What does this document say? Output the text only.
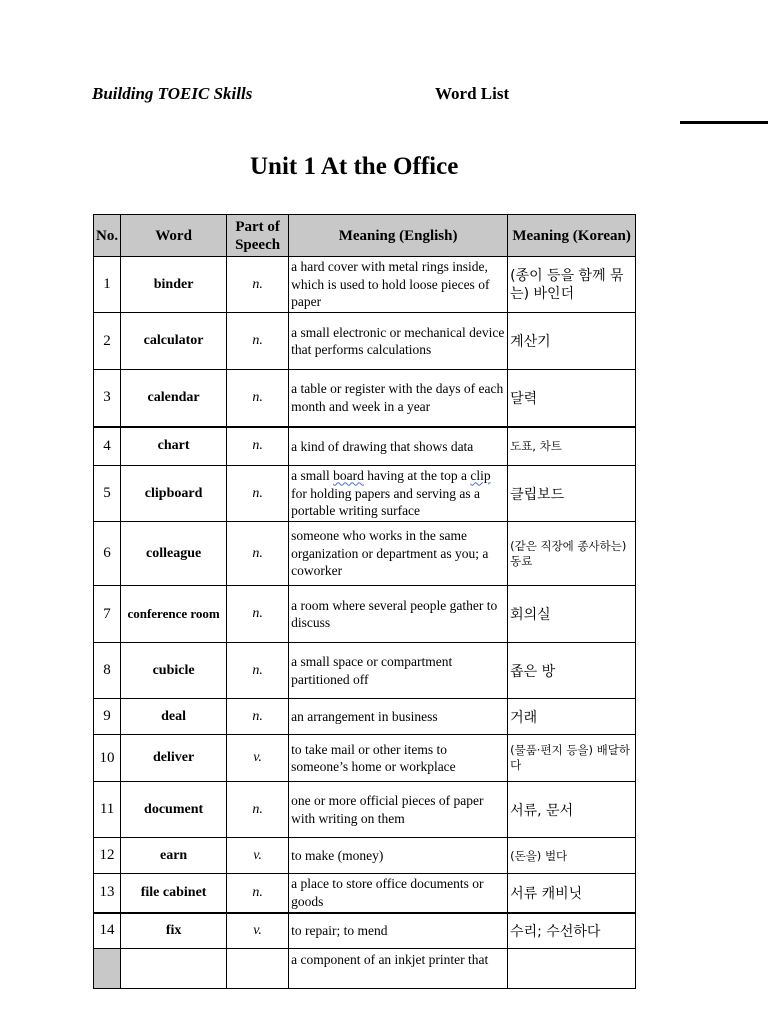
Building TOEIC Skills	Word List
Unit 1 At the Office
No.	Word	Part of Speech	Meaning (English)	Meaning (Korean)
1	binder	n.	a hard cover with metal rings inside, which is used to hold loose pieces of paper	(종이 등을 함께 묶는) 바인더
2	calculator	n.	a small electronic or mechanical device that performs calculations	계산기
3	calendar	n.	a table or register with the days of each month and week in a year	달력
4	chart	n.	a kind of drawing that shows data	도표, 차트
5	clipboard	n.	a small board having at the top a clip for holding papers and serving as a portable writing surface	클립보드
6	colleague	n.	someone who works in the same organization or department as you; a coworker	(같은 직장에 종사하는) 동료
7	conference room	n.	a room where several people gather to discuss	회의실
8	cubicle	n.	a small space or compartment partitioned off	좁은 방
9	deal	n.	an arrangement in business	거래
10	deliver	v.	to take mail or other items to someone’s home or workplace	(물품·편지 등을) 배달하다
11	document	n.	one or more official pieces of paper with writing on them	서류, 문서
12	earn	v.	to make (money)	(돈을) 벌다
13	file cabinet	n.	a place to store office documents or goods	서류 캐비닛
14	fix	v.	to repair; to mend	수리; 수선하다
			a component of an inkjet printer that	
